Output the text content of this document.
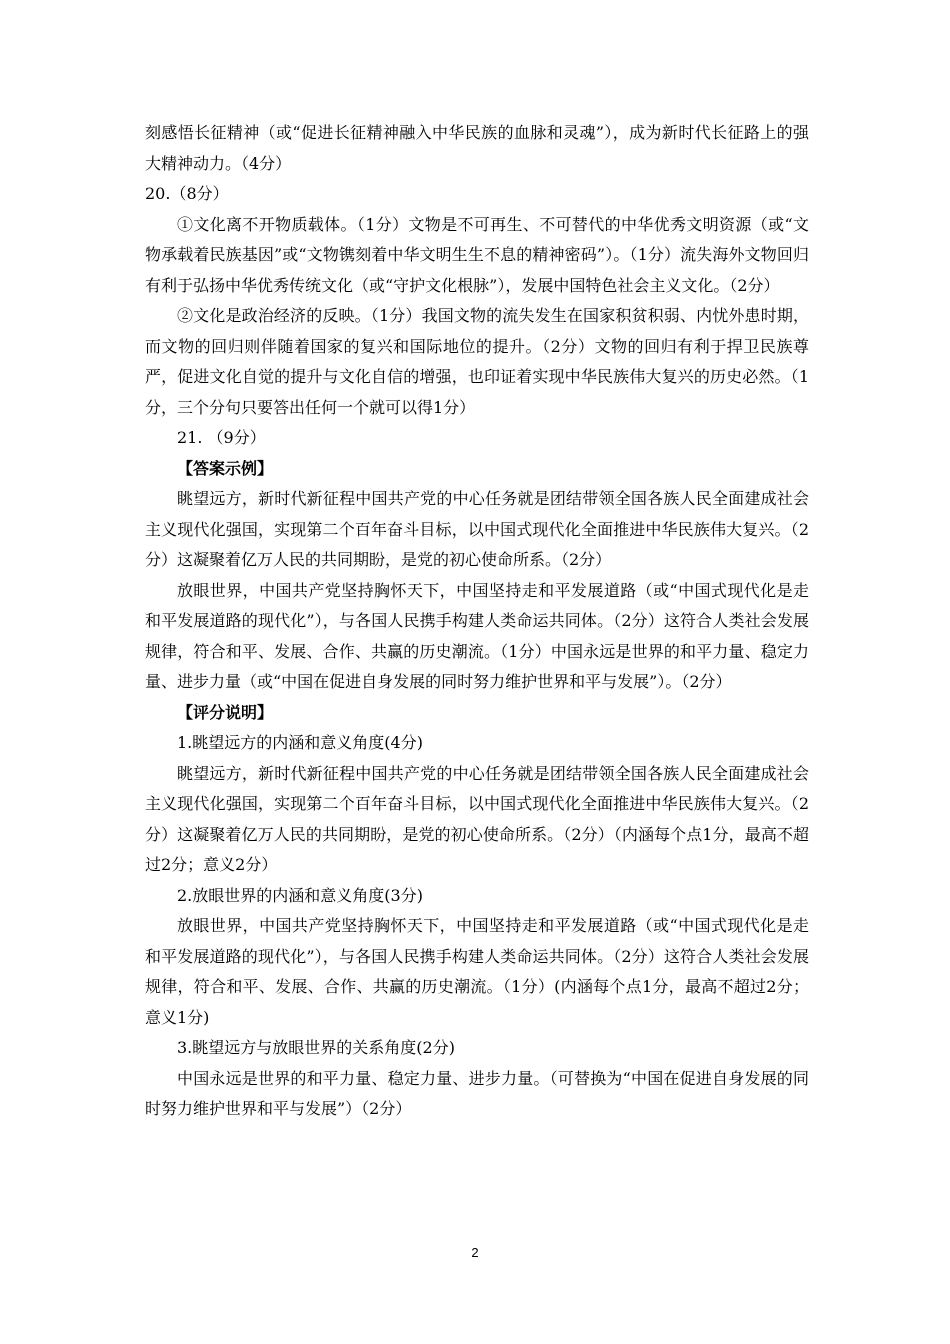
刻感悟长征精神（或“促进长征精神融入中华民族的血脉和灵魂”），成为新时代长征路上的强大精神动力。（4分）

20.（8分）

①文化离不开物质载体。（1分）文物是不可再生、不可替代的中华优秀文明资源（或“文物承载着民族基因”或“文物镌刻着中华文明生生不息的精神密码”）。（1分）流失海外文物回归有利于弘扬中华优秀传统文化（或“守护文化根脉”），发展中国特色社会主义文化。（2分）

②文化是政治经济的反映。（1分）我国文物的流失发生在国家积贫积弱、内忧外患时期，而文物的回归则伴随着国家的复兴和国际地位的提升。（2分）文物的回归有利于捍卫民族尊严，促进文化自觉的提升与文化自信的增强，也印证着实现中华民族伟大复兴的历史必然。（1分，三个分句只要答出任何一个就可以得1分）

21. （9分）

【答案示例】

眺望远方，新时代新征程中国共产党的中心任务就是团结带领全国各族人民全面建成社会主义现代化强国，实现第二个百年奋斗目标，以中国式现代化全面推进中华民族伟大复兴。（2分）这凝聚着亿万人民的共同期盼，是党的初心使命所系。（2分）

放眼世界，中国共产党坚持胸怀天下，中国坚持走和平发展道路（或“中国式现代化是走和平发展道路的现代化”），与各国人民携手构建人类命运共同体。（2分）这符合人类社会发展规律，符合和平、发展、合作、共赢的历史潮流。（1分）中国永远是世界的和平力量、稳定力量、进步力量（或“中国在促进自身发展的同时努力维护世界和平与发展”）。（2分）

【评分说明】

1.眺望远方的内涵和意义角度(4分)

眺望远方，新时代新征程中国共产党的中心任务就是团结带领全国各族人民全面建成社会主义现代化强国，实现第二个百年奋斗目标，以中国式现代化全面推进中华民族伟大复兴。（2分）这凝聚着亿万人民的共同期盼，是党的初心使命所系。（2分）（内涵每个点1分，最高不超过2分；意义2分）

2.放眼世界的内涵和意义角度(3分)

放眼世界，中国共产党坚持胸怀天下，中国坚持走和平发展道路（或“中国式现代化是走和平发展道路的现代化”），与各国人民携手构建人类命运共同体。（2分）这符合人类社会发展规律，符合和平、发展、合作、共赢的历史潮流。（1分）(内涵每个点1分，最高不超过2分；意义1分)

3.眺望远方与放眼世界的关系角度(2分)

中国永远是世界的和平力量、稳定力量、进步力量。（可替换为“中国在促进自身发展的同时努力维护世界和平与发展”）（2分）

2
